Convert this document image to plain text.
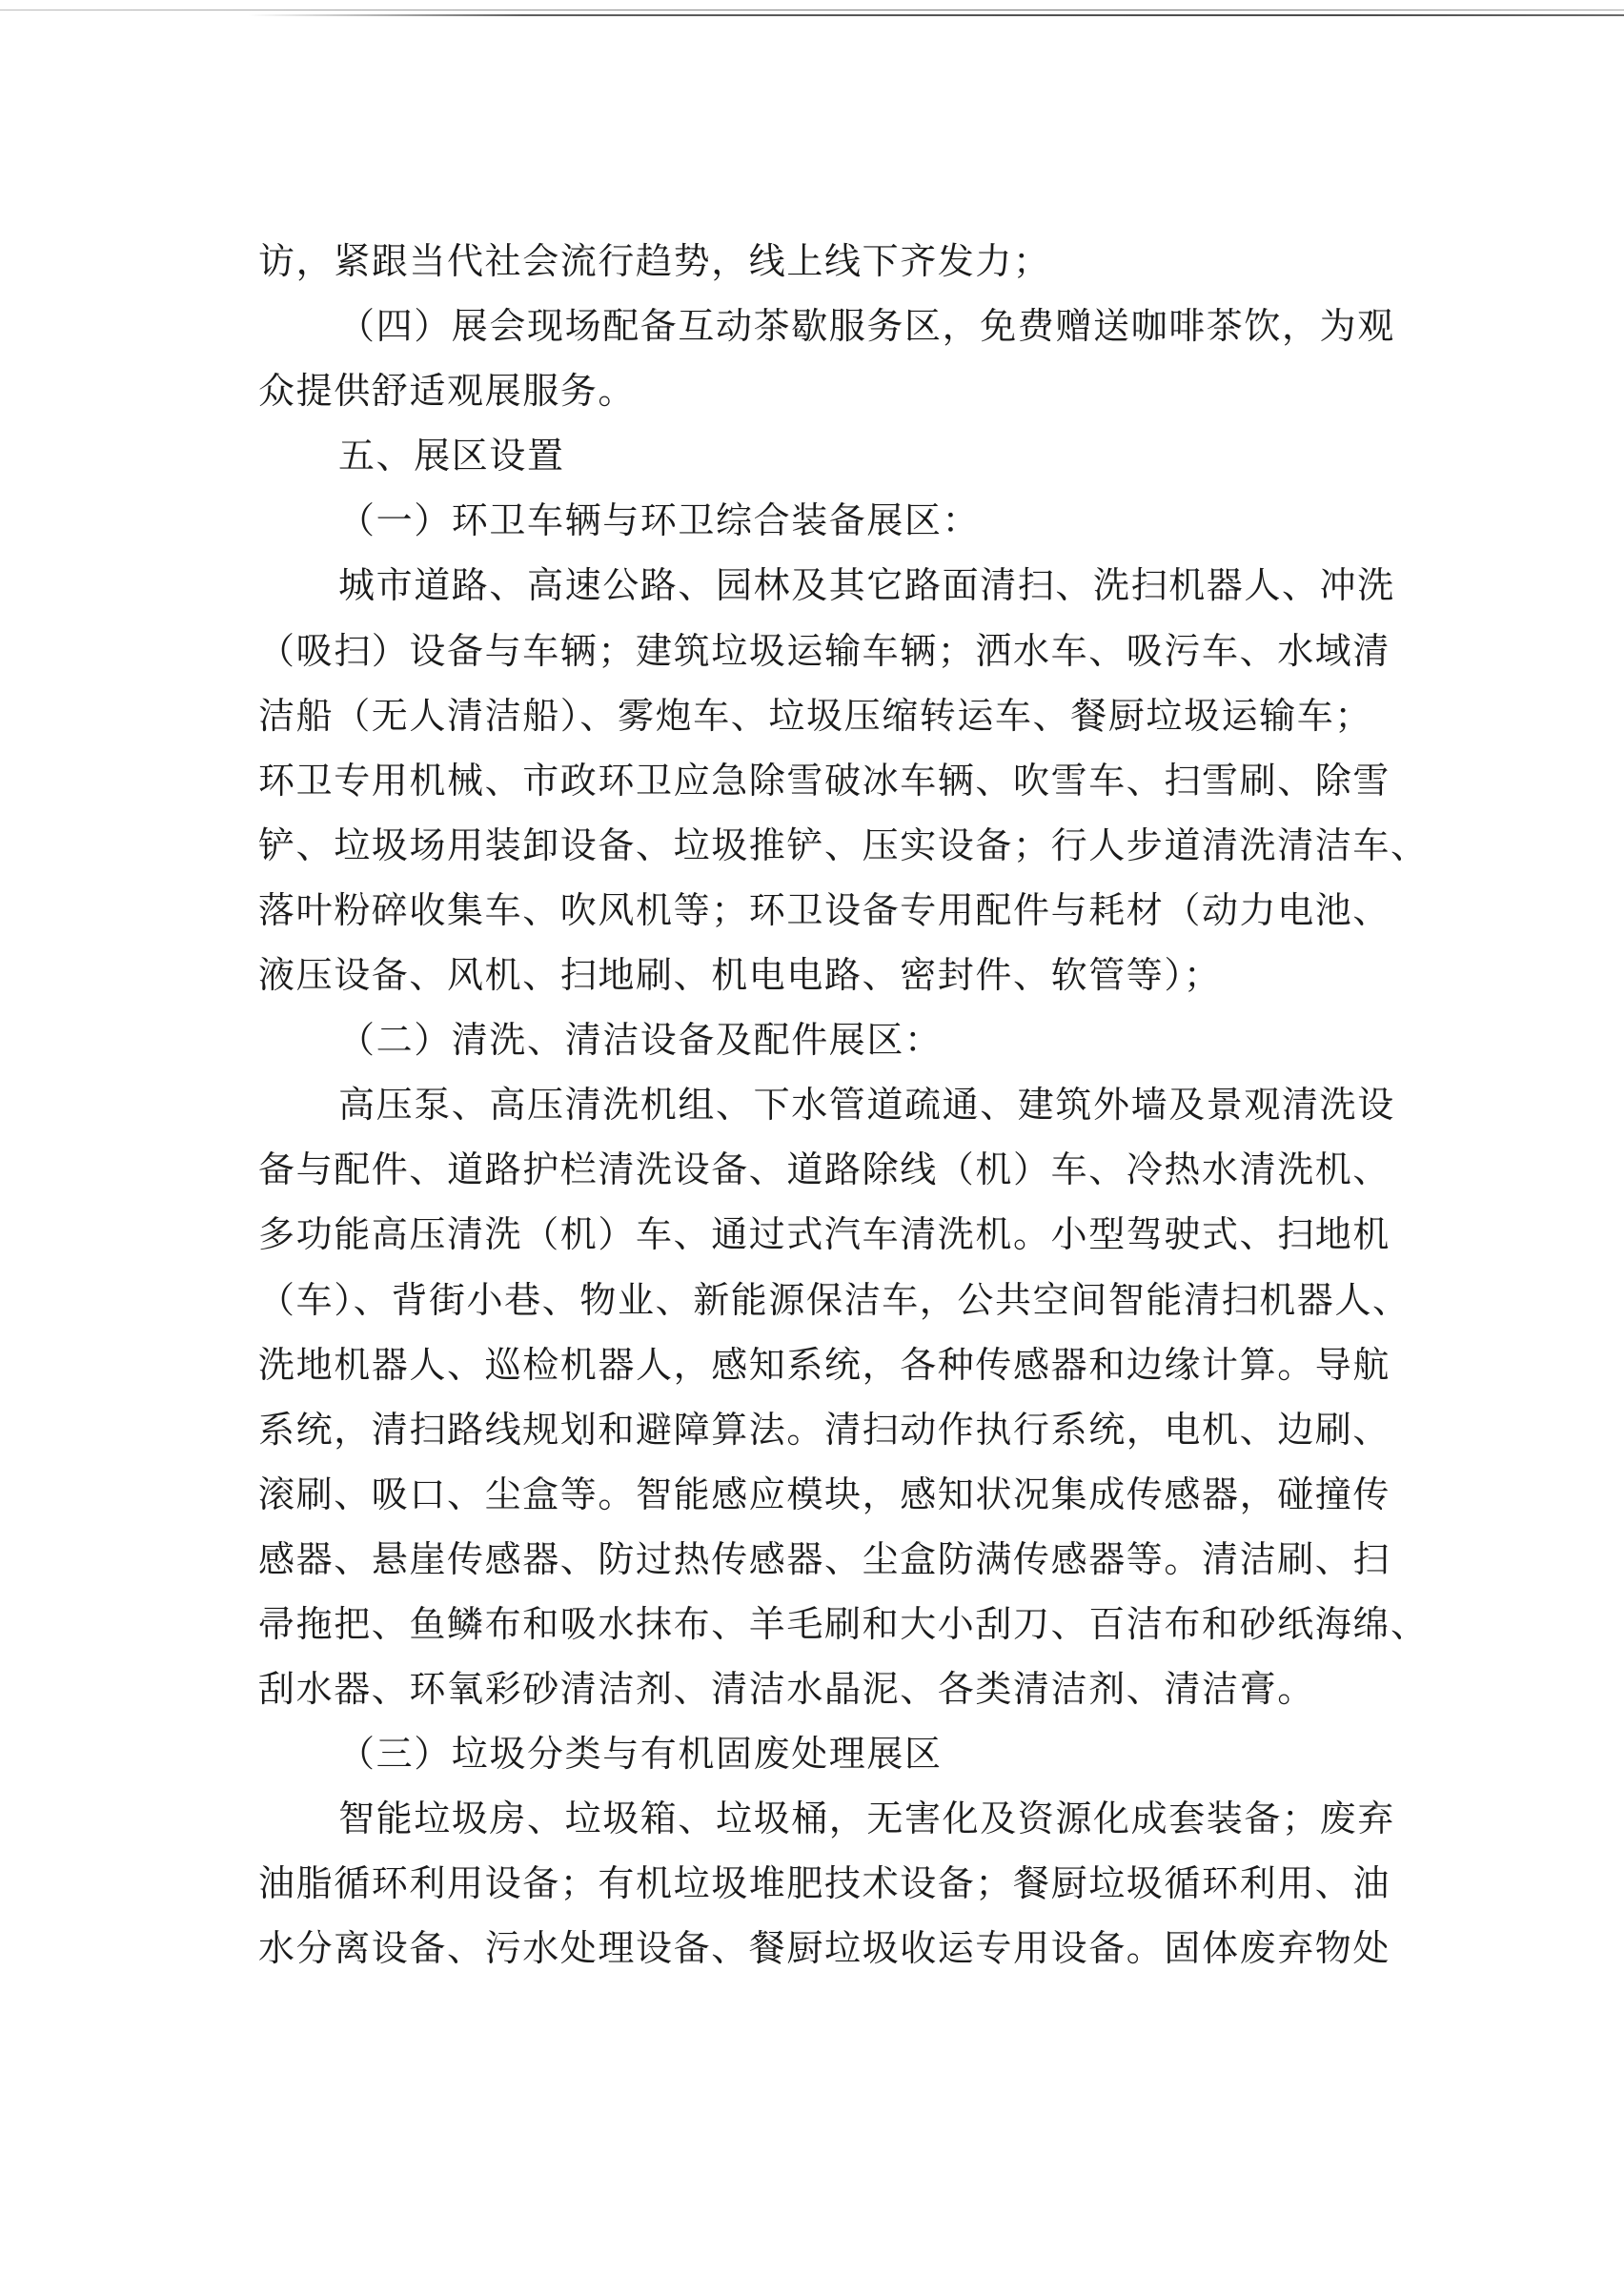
访，紧跟当代社会流行趋势，线上线下齐发力；
（四）展会现场配备互动茶歇服务区，免费赠送咖啡茶饮，为观
众提供舒适观展服务。
五、展区设置
（一）环卫车辆与环卫综合装备展区：
城市道路、高速公路、园林及其它路面清扫、洗扫机器人、冲洗
（吸扫）设备与车辆；建筑垃圾运输车辆；洒水车、吸污车、水域清
洁船（无人清洁船）、雾炮车、垃圾压缩转运车、餐厨垃圾运输车；
环卫专用机械、市政环卫应急除雪破冰车辆、吹雪车、扫雪刷、除雪
铲、垃圾场用装卸设备、垃圾推铲、压实设备；行人步道清洗清洁车、
落叶粉碎收集车、吹风机等；环卫设备专用配件与耗材（动力电池、
液压设备、风机、扫地刷、机电电路、密封件、软管等）；
（二）清洗、清洁设备及配件展区：
高压泵、高压清洗机组、下水管道疏通、建筑外墙及景观清洗设
备与配件、道路护栏清洗设备、道路除线（机）车、冷热水清洗机、
多功能高压清洗（机）车、通过式汽车清洗机。小型驾驶式、扫地机
（车）、背街小巷、物业、新能源保洁车，公共空间智能清扫机器人、
洗地机器人、巡检机器人，感知系统，各种传感器和边缘计算。导航
系统，清扫路线规划和避障算法。清扫动作执行系统，电机、边刷、
滚刷、吸口、尘盒等。智能感应模块，感知状况集成传感器，碰撞传
感器、悬崖传感器、防过热传感器、尘盒防满传感器等。清洁刷、扫
帚拖把、鱼鳞布和吸水抹布、羊毛刷和大小刮刀、百洁布和砂纸海绵、
刮水器、环氧彩砂清洁剂、清洁水晶泥、各类清洁剂、清洁膏。
（三）垃圾分类与有机固废处理展区
智能垃圾房、垃圾箱、垃圾桶，无害化及资源化成套装备；废弃
油脂循环利用设备；有机垃圾堆肥技术设备；餐厨垃圾循环利用、油
水分离设备、污水处理设备、餐厨垃圾收运专用设备。固体废弃物处
